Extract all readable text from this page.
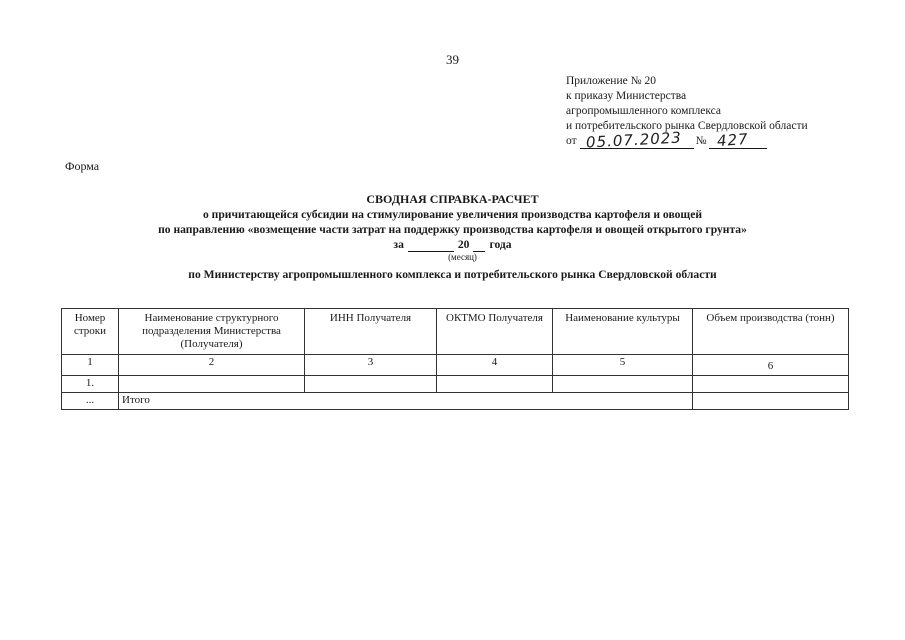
39
Приложение № 20
к приказу Министерства
агропромышленного комплекса
и потребительского рынка Свердловской области
от 05.07.2023 № 427
Форма
СВОДНАЯ СПРАВКА-РАСЧЕТ
о причитающейся субсидии на стимулирование увеличения производства картофеля и овощей
по направлению «возмещение части затрат на поддержку производства картофеля и овощей открытого грунта»
за	20 года
(месяц)
по Министерству агропромышленного комплекса и потребительского рынка Свердловской области
Номер строки	Наименование структурного подразделения Министерства (Получателя)	ИНН Получателя	ОКТМО Получателя	Наименование культуры	Объем производства (тонн)
1	2	3	4	5	6
1.					
...	Итого				
